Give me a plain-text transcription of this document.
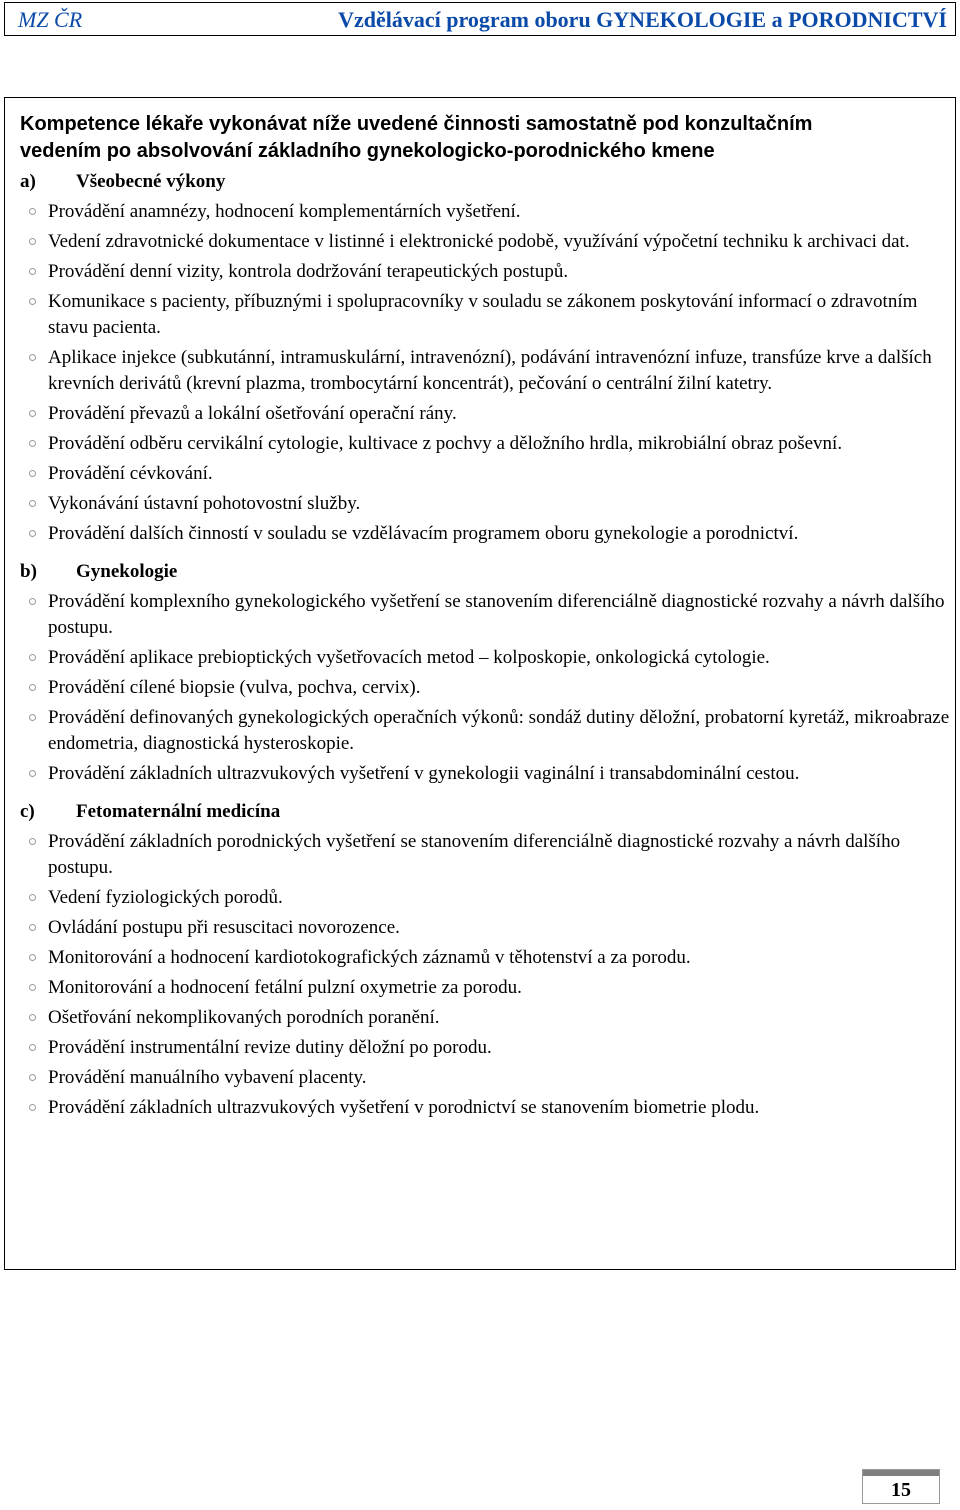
MZ ČR	Vzdělávací program oboru GYNEKOLOGIE a PORODNICTVÍ
Kompetence lékaře vykonávat níže uvedené činnosti samostatně pod konzultačním
vedením po absolvování základního gynekologicko-porodnického kmene
a)	Všeobecné výkony
Provádění anamnézy, hodnocení komplementárních vyšetření.
Vedení zdravotnické dokumentace v listinné i elektronické podobě, využívání výpočetní techniku k archivaci dat.
Provádění denní vizity, kontrola dodržování terapeutických postupů.
Komunikace s pacienty, příbuznými i spolupracovníky v souladu se zákonem poskytování informací o zdravotním stavu pacienta.
Aplikace injekce (subkutánní, intramuskulární, intravenózní), podávání intravenózní infuze, transfúze krve a dalších krevních derivátů (krevní plazma, trombocytární koncentrát), pečování o centrální žilní katetry.
Provádění převazů a lokální ošetřování operační rány.
Provádění odběru cervikální cytologie, kultivace z pochvy a děložního hrdla, mikrobiální obraz poševní.
Provádění cévkování.
Vykonávání ústavní pohotovostní služby.
Provádění dalších činností v souladu se vzdělávacím programem oboru gynekologie a porodnictví.
b)	Gynekologie
Provádění komplexního gynekologického vyšetření se stanovením diferenciálně diagnostické rozvahy a návrh dalšího postupu.
Provádění aplikace prebioptických vyšetřovacích metod – kolposkopie, onkologická cytologie.
Provádění cílené biopsie (vulva, pochva, cervix).
Provádění definovaných gynekologických operačních výkonů: sondáž dutiny děložní, probatorní kyretáž, mikroabraze endometria, diagnostická hysteroskopie.
Provádění základních ultrazvukových vyšetření v gynekologii vaginální i transabdominální cestou.
c)	Fetomaternální medicína
Provádění základních porodnických vyšetření se stanovením diferenciálně diagnostické rozvahy a návrh dalšího postupu.
Vedení fyziologických porodů.
Ovládání postupu při resuscitaci novorozence.
Monitorování a hodnocení kardiotokografických záznamů v těhotenství a za porodu.
Monitorování a hodnocení fetální pulzní oxymetrie za porodu.
Ošetřování nekomplikovaných porodních poranění.
Provádění instrumentální revize dutiny děložní po porodu.
Provádění manuálního vybavení placenty.
Provádění základních ultrazvukových vyšetření v porodnictví se stanovením biometrie plodu.
15
